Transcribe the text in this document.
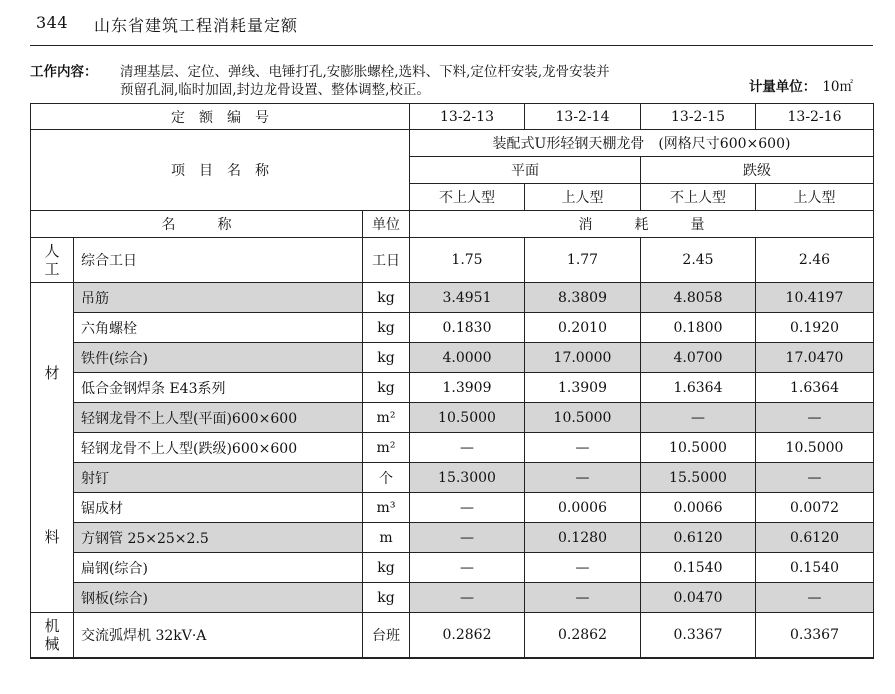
344 山东省建筑工程消耗量定额
工作内容： 清理基层、定位、弹线、电锤打孔,安膨胀螺栓,选料、下料,定位杆安装,龙骨安装并
预留孔洞,临时加固,封边龙骨设置、整体调整,校正。	计量单位： 10㎡
定　额　编　号			13-2-13	13-2-14	13-2-15	13-2-16
项　目　名　称			装配式U形轻钢天棚龙骨　(网格尺寸600×600)			
			平面		跌级	
			不上人型	上人型	不上人型	上人型
名　　　称		单位	消　　　耗　　　量			
人工	综合工日	工日	1.75	1.77	2.45	2.46
材	吊筋	kg	3.4951	8.3809	4.8058	10.4197
	六角螺栓	kg	0.1830	0.2010	0.1800	0.1920
	铁件(综合)	kg	4.0000	17.0000	4.0700	17.0470
	低合金钢焊条 E43系列	kg	1.3909	1.3909	1.6364	1.6364
	轻钢龙骨不上人型(平面)600×600	m²	10.5000	10.5000	—	—
	轻钢龙骨不上人型(跌级)600×600	m²	—	—	10.5000	10.5000
料	射钉	个	15.3000	—	15.5000	—
	锯成材	m³	—	0.0006	0.0066	0.0072
	方钢管 25×25×2.5	m	—	0.1280	0.6120	0.6120
	扁钢(综合)	kg	—	—	0.1540	0.1540
	钢板(综合)	kg	—	—	0.0470	—
机械	交流弧焊机 32kV·A	台班	0.2862	0.2862	0.3367	0.3367
